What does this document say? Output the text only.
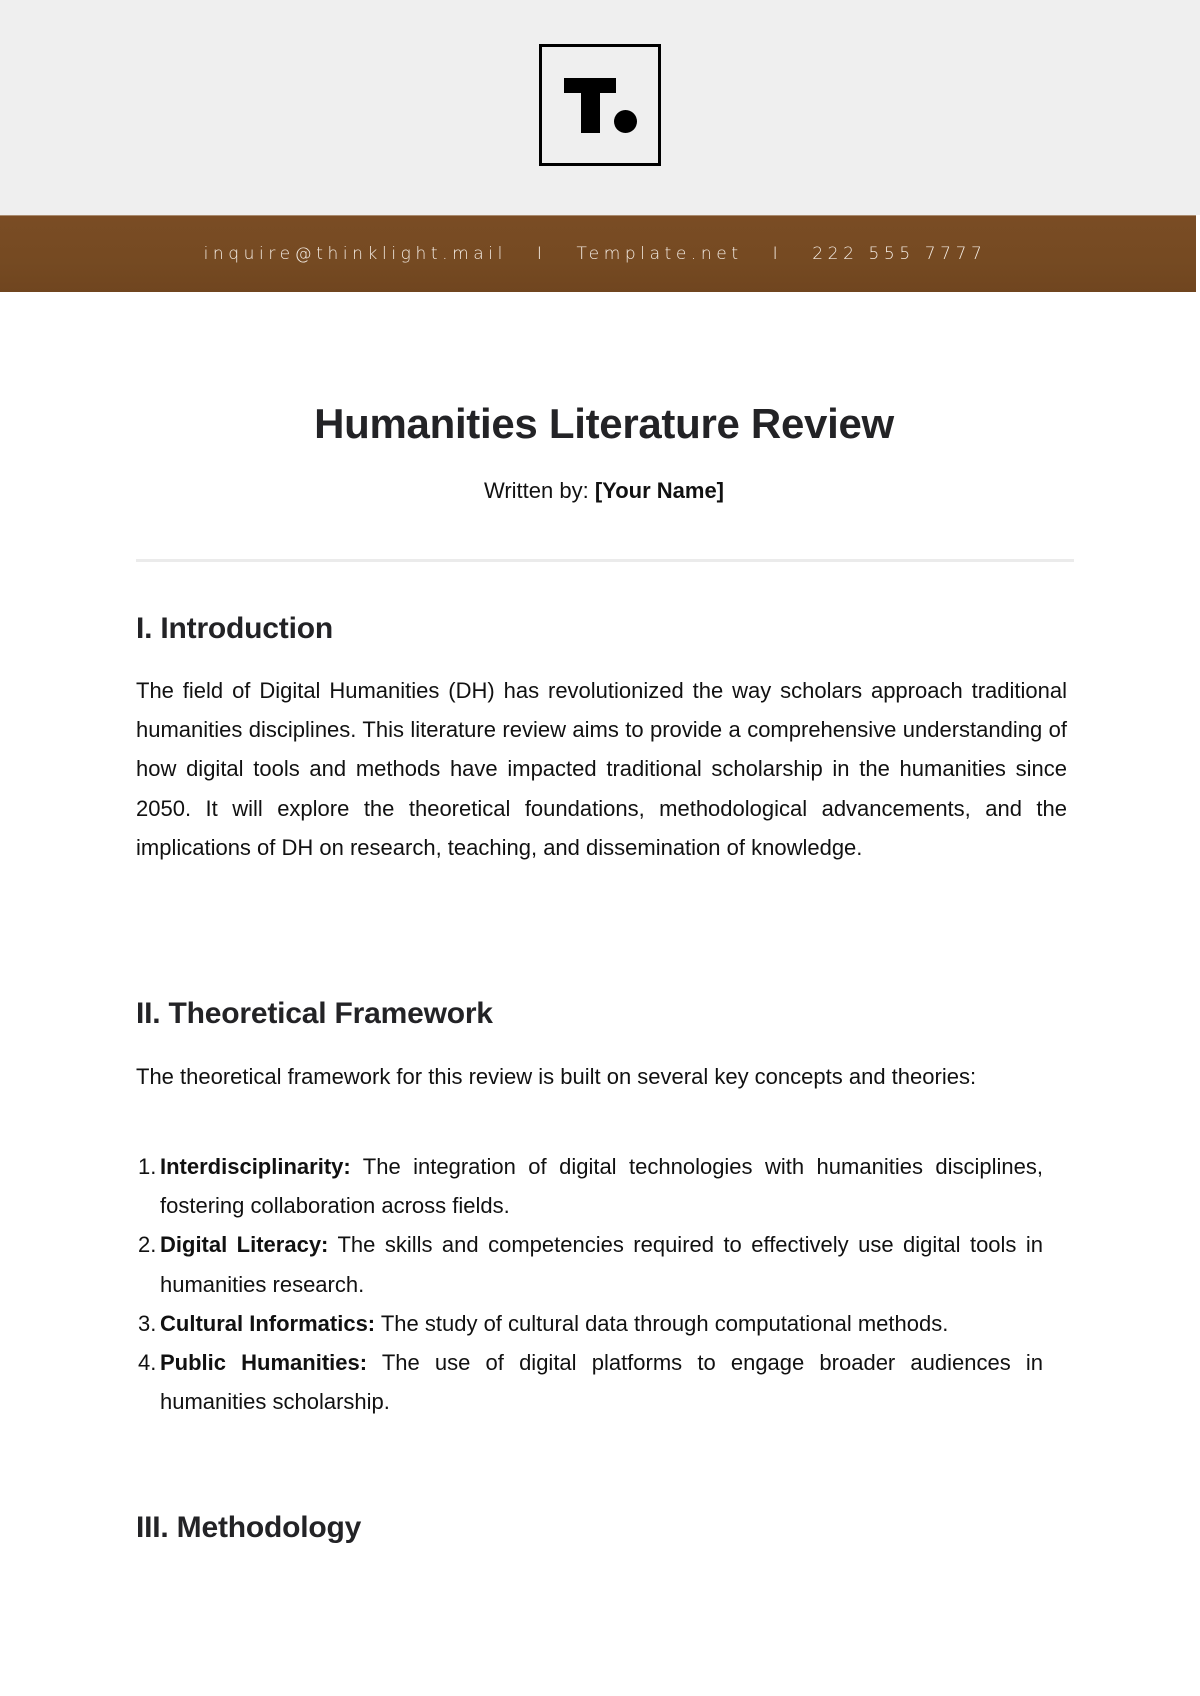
inquire@thinklight.mail   I   Template.net   I   222 555 7777
Humanities Literature Review
Written by: [Your Name]
I. Introduction

The field of Digital Humanities (DH) has revolutionized the way scholars approach traditional humanities disciplines. This literature review aims to provide a comprehensive understanding of how digital tools and methods have impacted traditional scholarship in the humanities since 2050. It will explore the theoretical foundations, methodological advancements, and the implications of DH on research, teaching, and dissemination of knowledge.

II. Theoretical Framework

The theoretical framework for this review is built on several key concepts and theories:

1. Interdisciplinarity: The integration of digital technologies with humanities disciplines, fostering collaboration across fields.
2. Digital Literacy: The skills and competencies required to effectively use digital tools in humanities research.
3. Cultural Informatics: The study of cultural data through computational methods.
4. Public Humanities: The use of digital platforms to engage broader audiences in humanities scholarship.
III. Methodology
